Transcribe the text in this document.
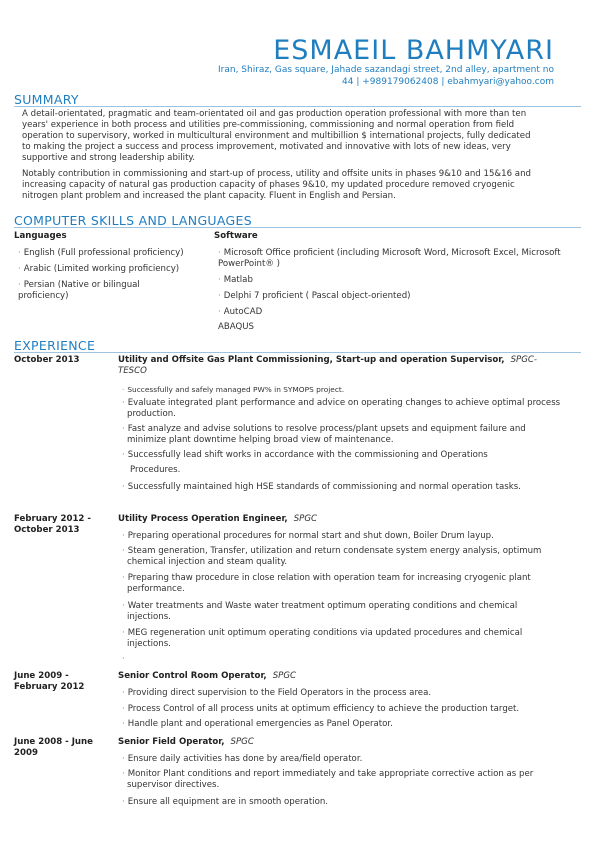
ESMAEIL BAHMYARI
Iran, Shiraz, Gas square, Jahade sazandagi street, 2nd alley, apartment no
44 | +989179062408 | ebahmyari@yahoo.com
SUMMARY
A detail-orientated, pragmatic and team-orientated oil and gas production operation professional with more than ten years' experience in both process and utilities pre-commissioning, commissioning and normal operation from field operation to supervisory, worked in multicultural environment and multibillion $ international projects, fully dedicated to making the project a success and process improvement, motivated and innovative with lots of new ideas, very supportive and strong leadership ability.
Notably contribution in commissioning and start-up of process, utility and offsite units in phases 9&10 and 15&16 and increasing capacity of natural gas production capacity of phases 9&10, my updated procedure removed cryogenic nitrogen plant problem and increased the plant capacity. Fluent in English and Persian.
COMPUTER SKILLS AND LANGUAGES
Languages
· English (Full professional proficiency)
· Arabic (Limited working proficiency)
· Persian (Native or bilingual proficiency)
Software
· Microsoft Office proficient (including Microsoft Word, Microsoft Excel, Microsoft PowerPoint® )
· Matlab
· Delphi 7 proficient ( Pascal object-oriented)
· AutoCAD
ABAQUS
EXPERIENCE
October 2013	Utility and Offsite Gas Plant Commissioning, Start-up and operation Supervisor, SPGC-TESCO
· Successfully and safely managed PW% in SYMOPS project.
· Evaluate integrated plant performance and advice on operating changes to achieve optimal process production.
· Fast analyze and advise solutions to resolve process/plant upsets and equipment failure and minimize plant downtime helping broad view of maintenance.
· Successfully lead shift works in accordance with the commissioning and Operations
Procedures.
· Successfully maintained high HSE standards of commissioning and normal operation tasks.
February 2012 - October 2013
Utility Process Operation Engineer, SPGC
· Preparing operational procedures for normal start and shut down, Boiler Drum layup.
· Steam generation, Transfer, utilization and return condensate system energy analysis, optimum chemical injection and steam quality.
· Preparing thaw procedure in close relation with operation team for increasing cryogenic plant performance.
· Water treatments and Waste water treatment optimum operating conditions and chemical injections.
· MEG regeneration unit optimum operating conditions via updated procedures and chemical injections.
·
June 2009 - February 2012
Senior Control Room Operator, SPGC
· Providing direct supervision to the Field Operators in the process area.
· Process Control of all process units at optimum efficiency to achieve the production target.
· Handle plant and operational emergencies as Panel Operator.
June 2008 - June 2009
Senior Field Operator, SPGC
· Ensure daily activities has done by area/field operator.
· Monitor Plant conditions and report immediately and take appropriate corrective action as per supervisor directives.
· Ensure all equipment are in smooth operation.
